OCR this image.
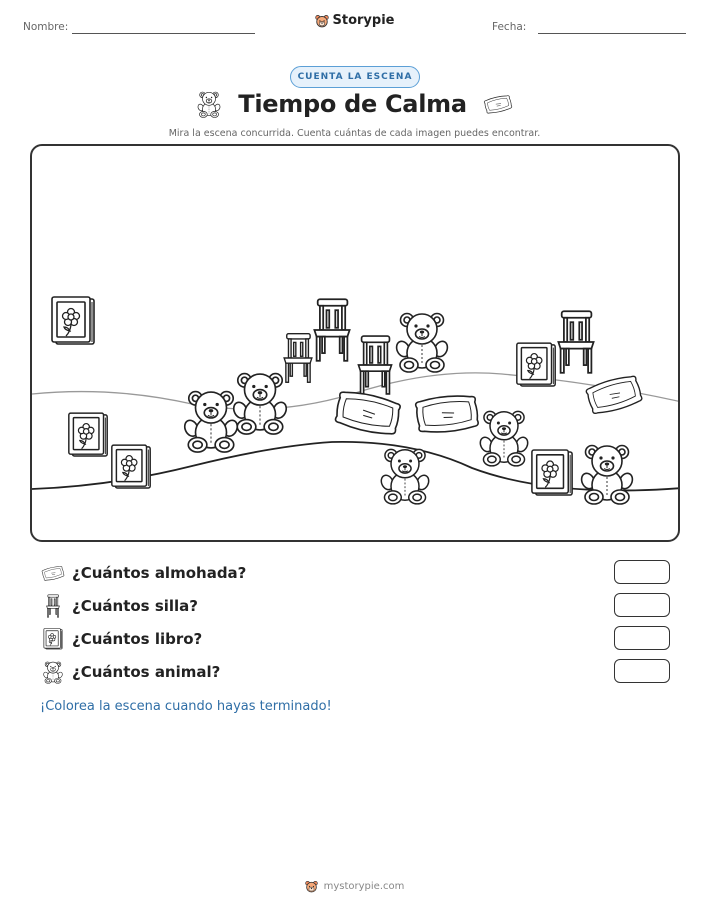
Nombre:	Storypie	Fecha:
CUENTA LA ESCENA
Tiempo de Calma
Mira la escena concurrida. Cuenta cuántas de cada imagen puedes encontrar.
¿Cuántos almohada?
¿Cuántos silla?
¿Cuántos libro?
¿Cuántos animal?
¡Colorea la escena cuando hayas terminado!
mystorypie.com
